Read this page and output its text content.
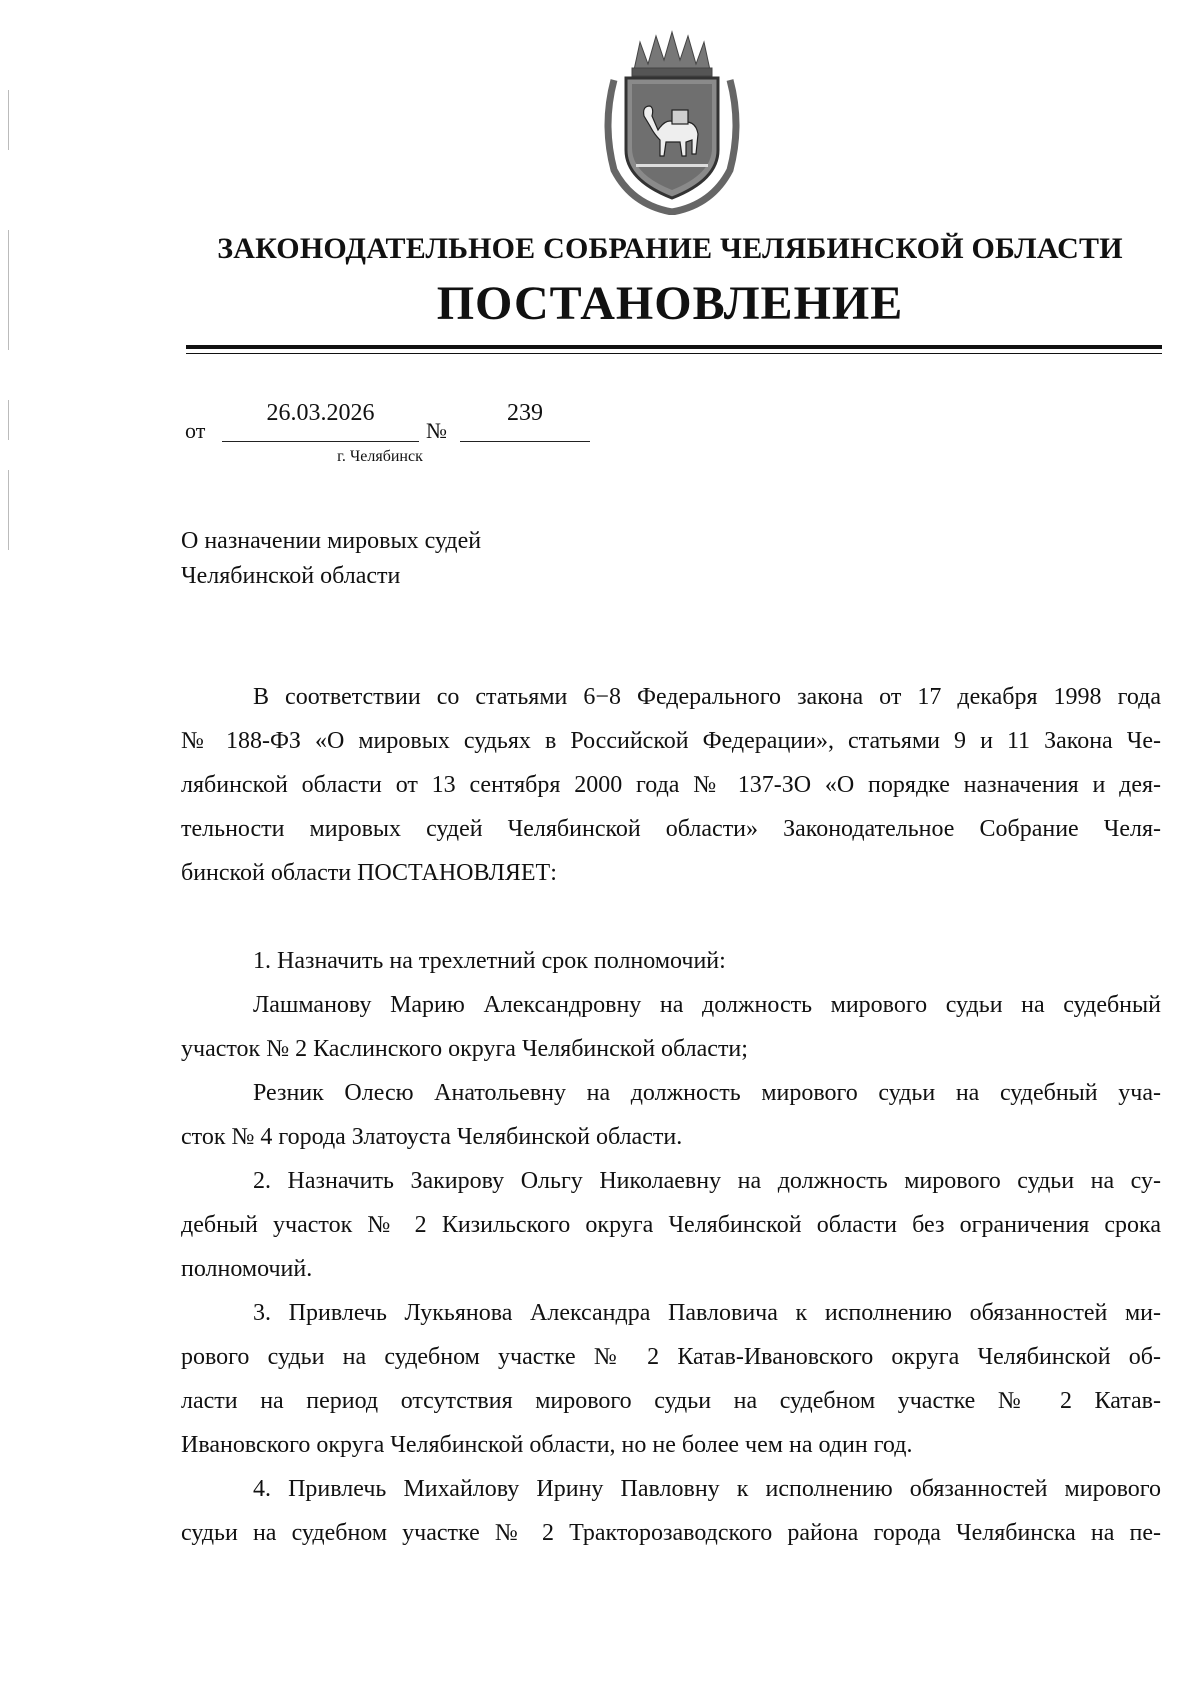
ЗАКОНОДАТЕЛЬНОЕ СОБРАНИЕ ЧЕЛЯБИНСКОЙ ОБЛАСТИ
ПОСТАНОВЛЕНИЕ
от
26.03.2026
№
239
г. Челябинск
О назначении мировых судей
Челябинской области
В соответствии со статьями 6−8 Федерального закона от 17 декабря 1998 года
№ 188-ФЗ «О мировых судьях в Российской Федерации», статьями 9 и 11 Закона Че-
лябинской области от 13 сентября 2000 года № 137-ЗО «О порядке назначения и дея-
тельности мировых судей Челябинской области» Законодательное Собрание Челя-
бинской области ПОСТАНОВЛЯЕТ:
1. Назначить на трехлетний срок полномочий:
Лашманову Марию Александровну на должность мирового судьи на судебный
участок № 2 Каслинского округа Челябинской области;
Резник Олесю Анатольевну на должность мирового судьи на судебный уча-
сток № 4 города Златоуста Челябинской области.
2. Назначить Закирову Ольгу Николаевну на должность мирового судьи на су-
дебный участок № 2 Кизильского округа Челябинской области без ограничения срока
полномочий.
3. Привлечь Лукьянова Александра Павловича к исполнению обязанностей ми-
рового судьи на судебном участке № 2 Катав-Ивановского округа Челябинской об-
ласти на период отсутствия мирового судьи на судебном участке № 2 Катав-
Ивановского округа Челябинской области, но не более чем на один год.
4. Привлечь Михайлову Ирину Павловну к исполнению обязанностей мирового
судьи на судебном участке № 2 Тракторозаводского района города Челябинска на пе-
